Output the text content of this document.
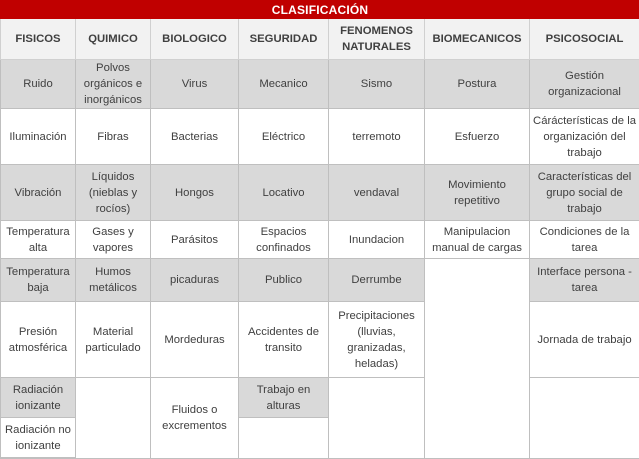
CLASIFICACIÓN						
FISICOS	QUIMICO	BIOLOGICO	SEGURIDAD	FENOMENOS NATURALES	BIOMECANICOS	PSICOSOCIAL
Ruido	Polvos orgánicos e inorgánicos	Virus	Mecanico	Sismo	Postura	Gestión organizacional
Iluminación	Fibras	Bacterias	Eléctrico	terremoto	Esfuerzo	Cárácterísticas de la organización del trabajo
Vibración	Líquidos (nieblas y rocíos)	Hongos	Locativo	vendaval	Movimiento repetitivo	Características del grupo social de trabajo
Temperatura alta	Gases y vapores	Parásitos	Espacios confinados	Inundacion	Manipulacion manual de cargas	Condiciones de la tarea
Temperatura baja	Humos metálicos	picaduras	Publico	Derrumbe		Interface persona - tarea
Presión atmosférica	Material particulado	Mordeduras	Accidentes de transito	Precipitaciones (lluvias, granizadas, heladas)		Jornada de trabajo
Radiación ionizante		Fluidos o excrementos	Trabajo en alturas			
Radiación no ionizante						
